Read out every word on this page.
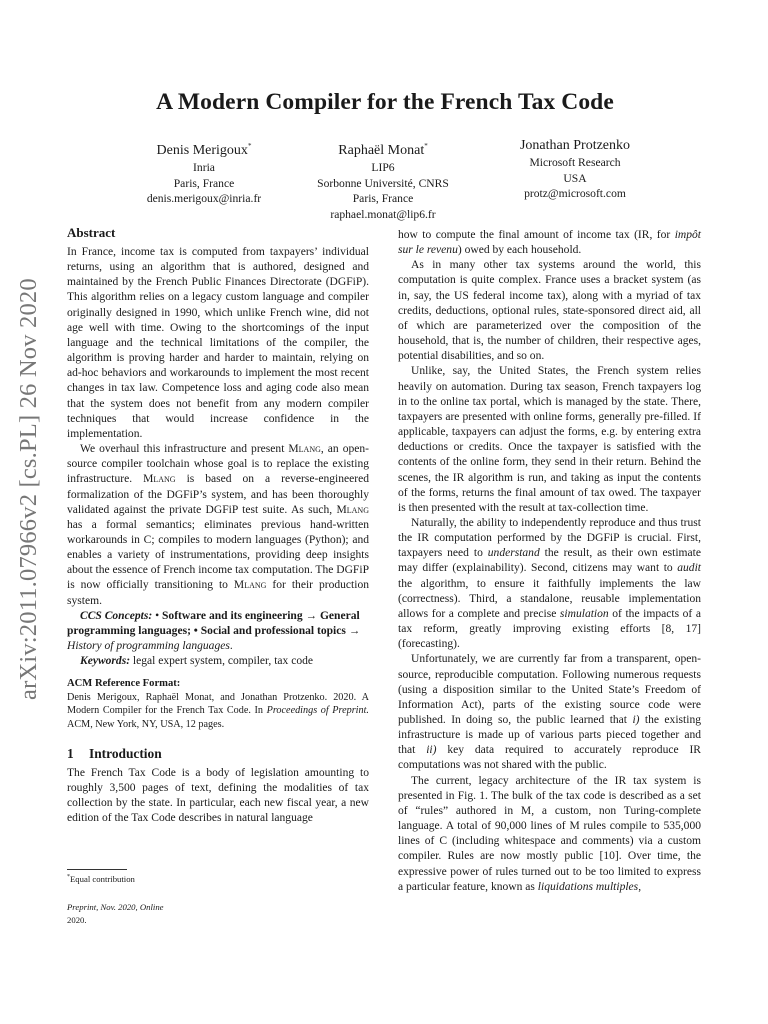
arXiv:2011.07966v2 [cs.PL] 26 Nov 2020
A Modern Compiler for the French Tax Code
Denis Merigoux*
Inria
Paris, France
denis.merigoux@inria.fr
Raphaël Monat*
LIP6
Sorbonne Université, CNRS
Paris, France
raphael.monat@lip6.fr
Jonathan Protzenko
Microsoft Research
USA
protz@microsoft.com
Abstract

In France, income tax is computed from taxpayers’ individual returns, using an algorithm that is authored, designed and maintained by the French Public Finances Directorate (DGFiP). This algorithm relies on a legacy custom language and compiler originally designed in 1990, which unlike French wine, did not age well with time. Owing to the shortcomings of the input language and the technical limitations of the compiler, the algorithm is proving harder and harder to maintain, relying on ad-hoc behaviors and workarounds to implement the most recent changes in tax law. Competence loss and aging code also mean that the system does not benefit from any modern compiler techniques that would increase confidence in the implementation.

We overhaul this infrastructure and present Mlang, an open-source compiler toolchain whose goal is to replace the existing infrastructure. Mlang is based on a reverse-engineered formalization of the DGFiP’s system, and has been thoroughly validated against the private DGFiP test suite. As such, Mlang has a formal semantics; eliminates previous hand-written workarounds in C; compiles to modern languages (Python); and enables a variety of instrumentations, providing deep insights about the essence of French income tax computation. The DGFiP is now officially transitioning to Mlang for their production system.

CCS Concepts: • Software and its engineering → General programming languages; • Social and professional topics → History of programming languages.

Keywords: legal expert system, compiler, tax code

ACM Reference Format:
Denis Merigoux, Raphaël Monat, and Jonathan Protzenko. 2020. A Modern Compiler for the French Tax Code. In Proceedings of Preprint. ACM, New York, NY, USA, 12 pages.
1 Introduction

The French Tax Code is a body of legislation amounting to roughly 3,500 pages of text, defining the modalities of tax collection by the state. In particular, each new fiscal year, a new edition of the Tax Code describes in natural language

*Equal contribution
Preprint, Nov. 2020, Online
2020.

how to compute the final amount of income tax (IR, for impôt sur le revenu) owed by each household.

As in many other tax systems around the world, this computation is quite complex. France uses a bracket system (as in, say, the US federal income tax), along with a myriad of tax credits, deductions, optional rules, state-sponsored direct aid, all of which are parameterized over the composition of the household, that is, the number of children, their respective ages, potential disabilities, and so on.

Unlike, say, the United States, the French system relies heavily on automation. During tax season, French taxpayers log in to the online tax portal, which is managed by the state. There, taxpayers are presented with online forms, generally pre-filled. If applicable, taxpayers can adjust the forms, e.g. by entering extra deductions or credits. Once the taxpayer is satisfied with the contents of the online form, they send in their return. Behind the scenes, the IR algorithm is run, and taking as input the contents of the forms, returns the final amount of tax owed. The taxpayer is then presented with the result at tax-collection time.

Naturally, the ability to independently reproduce and thus trust the IR computation performed by the DGFiP is crucial. First, taxpayers need to understand the result, as their own estimate may differ (explainability). Second, citizens may want to audit the algorithm, to ensure it faithfully implements the law (correctness). Third, a standalone, reusable implementation allows for a complete and precise simulation of the impacts of a tax reform, greatly improving existing efforts [8, 17] (forecasting).

Unfortunately, we are currently far from a transparent, open-source, reproducible computation. Following numerous requests (using a disposition similar to the United State’s Freedom of Information Act), parts of the existing source code were published. In doing so, the public learned that i) the existing infrastructure is made up of various parts pieced together and that ii) key data required to accurately reproduce IR computations was not shared with the public.

The current, legacy architecture of the IR tax system is presented in Fig. 1. The bulk of the tax code is described as a set of “rules” authored in M, a custom, non Turing-complete language. A total of 90,000 lines of M rules compile to 535,000 lines of C (including whitespace and comments) via a custom compiler. Rules are now mostly public [10]. Over time, the expressive power of rules turned out to be too limited to express a particular feature, known as liquidations multiples,
